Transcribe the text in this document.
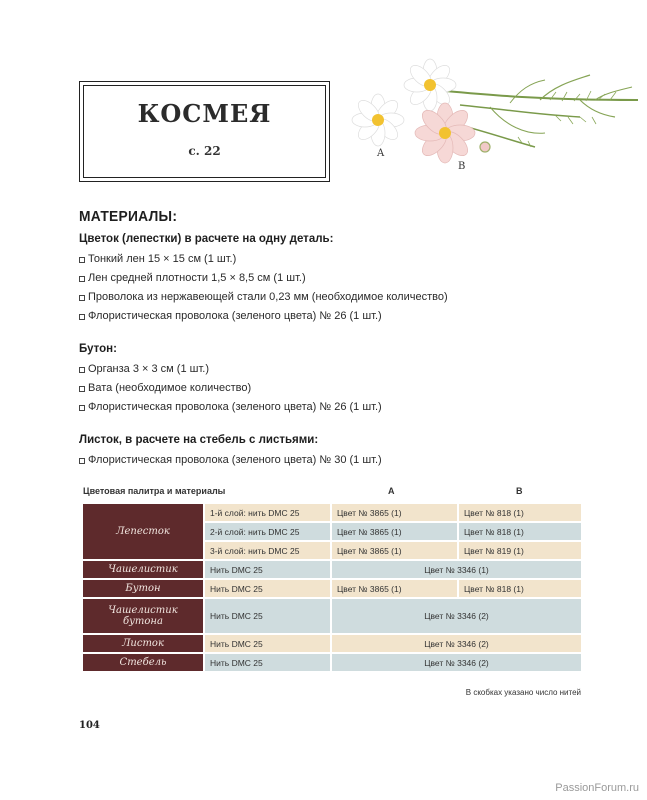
КОСМЕЯ
с. 22	A
B
МАТЕРИАЛЫ:
Цветок (лепестки) в расчете на одну деталь:
Тонкий лен 15 × 15 см (1 шт.)
Лен средней плотности 1,5 × 8,5 см (1 шт.)
Проволока из нержавеющей стали 0,23 мм (необходимое количество)
Флористическая проволока (зеленого цвета) № 26 (1 шт.)
Бутон:
Органза 3 × 3 см (1 шт.)
Вата (необходимое количество)
Флористическая проволока (зеленого цвета) № 26 (1 шт.)
Листок, в расчете на стебель с листьями:
Флористическая проволока (зеленого цвета) № 30 (1 шт.)
Цветовая палитра и материалы	A	B
Лепесток	1-й слой: нить DMC 25	Цвет № 3865 (1)	Цвет № 818 (1)
	2-й слой: нить DMC 25	Цвет № 3865 (1)	Цвет № 818 (1)
	3-й слой: нить DMC 25	Цвет № 3865 (1)	Цвет № 819 (1)
Чашелистик	Нить DMC 25	Цвет № 3346 (1)	
Бутон	Нить DMC 25	Цвет № 3865 (1)	Цвет № 818 (1)
Чашелистик бутона	Нить DMC 25	Цвет № 3346 (2)	
Листок	Нить DMC 25	Цвет № 3346 (2)	
Стебель	Нить DMC 25	Цвет № 3346 (2)	
В скобках указано число нитей
104
PassionForum.ru
